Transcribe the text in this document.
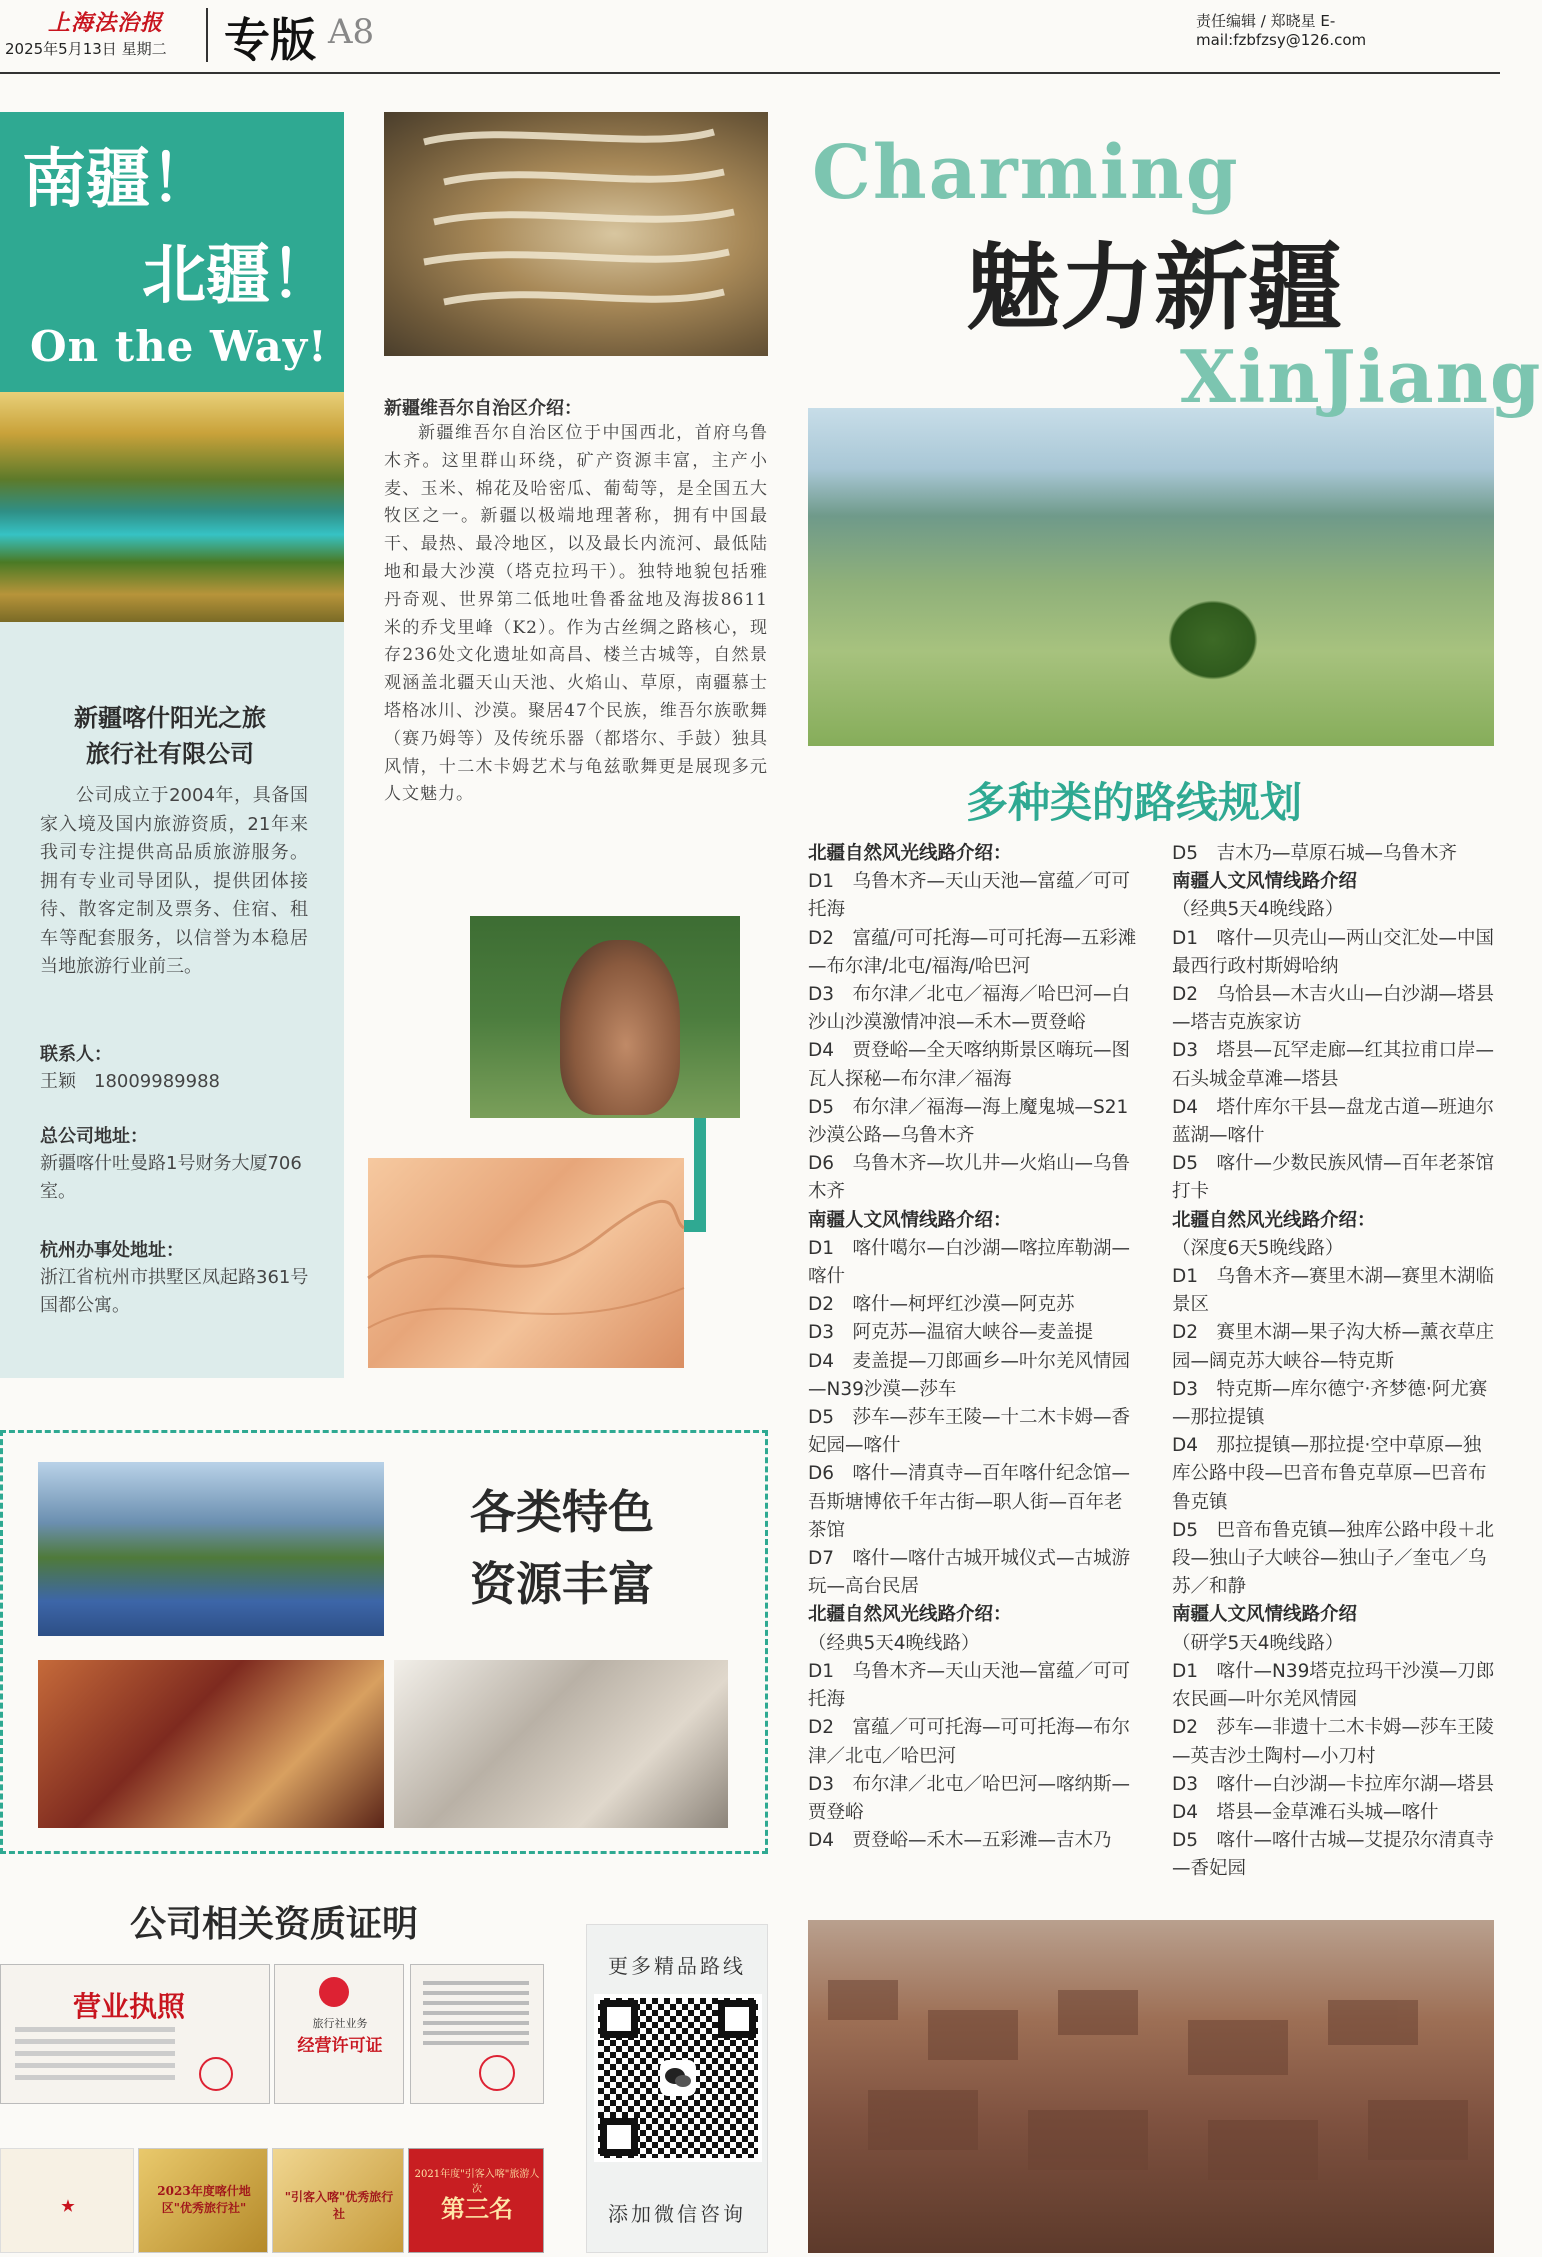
上海法治报
2025年5月13日 星期二 专版 A8	责任编辑 / 郑晓星 E-mail:fzbfzsy@126.com
南疆！
北疆！
On the Way!
新疆喀什阳光之旅
旅行社有限公司
公司成立于2004年，具备国家入境及国内旅游资质，21年来我司专注提供高品质旅游服务。拥有专业司导团队，提供团体接待、散客定制及票务、住宿、租车等配套服务，以信誉为本稳居当地旅游行业前三。
联系人：
王颖　18009989988
总公司地址：
新疆喀什吐曼路1号财务大厦706室。
杭州办事处地址：
浙江省杭州市拱墅区凤起路361号国都公寓。
新疆维吾尔自治区介绍：
新疆维吾尔自治区位于中国西北，首府乌鲁木齐。这里群山环绕，矿产资源丰富，主产小麦、玉米、棉花及哈密瓜、葡萄等，是全国五大牧区之一。新疆以极端地理著称，拥有中国最干、最热、最冷地区，以及最长内流河、最低陆地和最大沙漠（塔克拉玛干）。独特地貌包括雅丹奇观、世界第二低地吐鲁番盆地及海拔8611米的乔戈里峰（K2）。作为古丝绸之路核心，现存236处文化遗址如高昌、楼兰古城等，自然景观涵盖北疆天山天池、火焰山、草原，南疆慕士塔格冰川、沙漠。聚居47个民族，维吾尔族歌舞（赛乃姆等）及传统乐器（都塔尔、手鼓）独具风情，十二木卡姆艺术与龟兹歌舞更是展现多元人文魅力。
Charming
魅力新疆
XinJiang
多种类的路线规划
北疆自然风光线路介绍：
D1　乌鲁木齐—天山天池—富蕴／可可托海
D2　富蕴/可可托海—可可托海—五彩滩—布尔津/北屯/福海/哈巴河
D3　布尔津／北屯／福海／哈巴河—白沙山沙漠激情冲浪—禾木—贾登峪
D4　贾登峪—全天喀纳斯景区嗨玩—图瓦人探秘—布尔津／福海
D5　布尔津／福海—海上魔鬼城—S21　沙漠公路—乌鲁木齐
D6　乌鲁木齐—坎儿井—火焰山—乌鲁木齐
南疆人文风情线路介绍：
D1　喀什噶尔—白沙湖—喀拉库勒湖—喀什
D2　喀什—柯坪红沙漠—阿克苏
D3　阿克苏—温宿大峡谷—麦盖提
D4　麦盖提—刀郎画乡—叶尔羌风情园—N39沙漠—莎车
D5　莎车—莎车王陵—十二木卡姆—香妃园—喀什
D6　喀什—清真寺—百年喀什纪念馆—吾斯塘博依千年古街—职人街—百年老茶馆
D7　喀什—喀什古城开城仪式—古城游玩—高台民居
北疆自然风光线路介绍：
（经典5天4晚线路）
D1　乌鲁木齐—天山天池—富蕴／可可托海
D2　富蕴／可可托海—可可托海—布尔津／北屯／哈巴河
D3　布尔津／北屯／哈巴河—喀纳斯—贾登峪
D4　贾登峪—禾木—五彩滩—吉木乃
D5　吉木乃—草原石城—乌鲁木齐
南疆人文风情线路介绍
（经典5天4晚线路）
D1　喀什—贝壳山—两山交汇处—中国最西行政村斯姆哈纳
D2　乌恰县—木吉火山—白沙湖—塔县—塔吉克族家访
D3　塔县—瓦罕走廊—红其拉甫口岸—石头城金草滩—塔县
D4　塔什库尔干县—盘龙古道—班迪尔蓝湖—喀什
D5　喀什—少数民族风情—百年老茶馆打卡
北疆自然风光线路介绍：
（深度6天5晚线路）
D1　乌鲁木齐—赛里木湖—赛里木湖临景区
D2　赛里木湖—果子沟大桥—薰衣草庄园—阔克苏大峡谷—特克斯
D3　特克斯—库尔德宁·齐梦德·阿尤赛—那拉提镇
D4　那拉提镇—那拉提·空中草原—独库公路中段—巴音布鲁克草原—巴音布鲁克镇
D5　巴音布鲁克镇—独库公路中段＋北段—独山子大峡谷—独山子／奎屯／乌苏／和静
南疆人文风情线路介绍
（研学5天4晚线路）
D1　喀什—N39塔克拉玛干沙漠—刀郎农民画—叶尔羌风情园
D2　莎车—非遗十二木卡姆—莎车王陵—英吉沙土陶村—小刀村
D3　喀什—白沙湖—卡拉库尔湖—塔县
D4　塔县—金草滩石头城—喀什
D5　喀什—喀什古城—艾提尕尔清真寺—香妃园
各类特色
资源丰富
公司相关资质证明
营业执照
旅行社业务
经营许可证
★
2023年度喀什地区"优秀旅行社"
"引客入喀"优秀旅行社
2021年度"引客入喀"旅游人次
第三名
更多精品路线
添加微信咨询
